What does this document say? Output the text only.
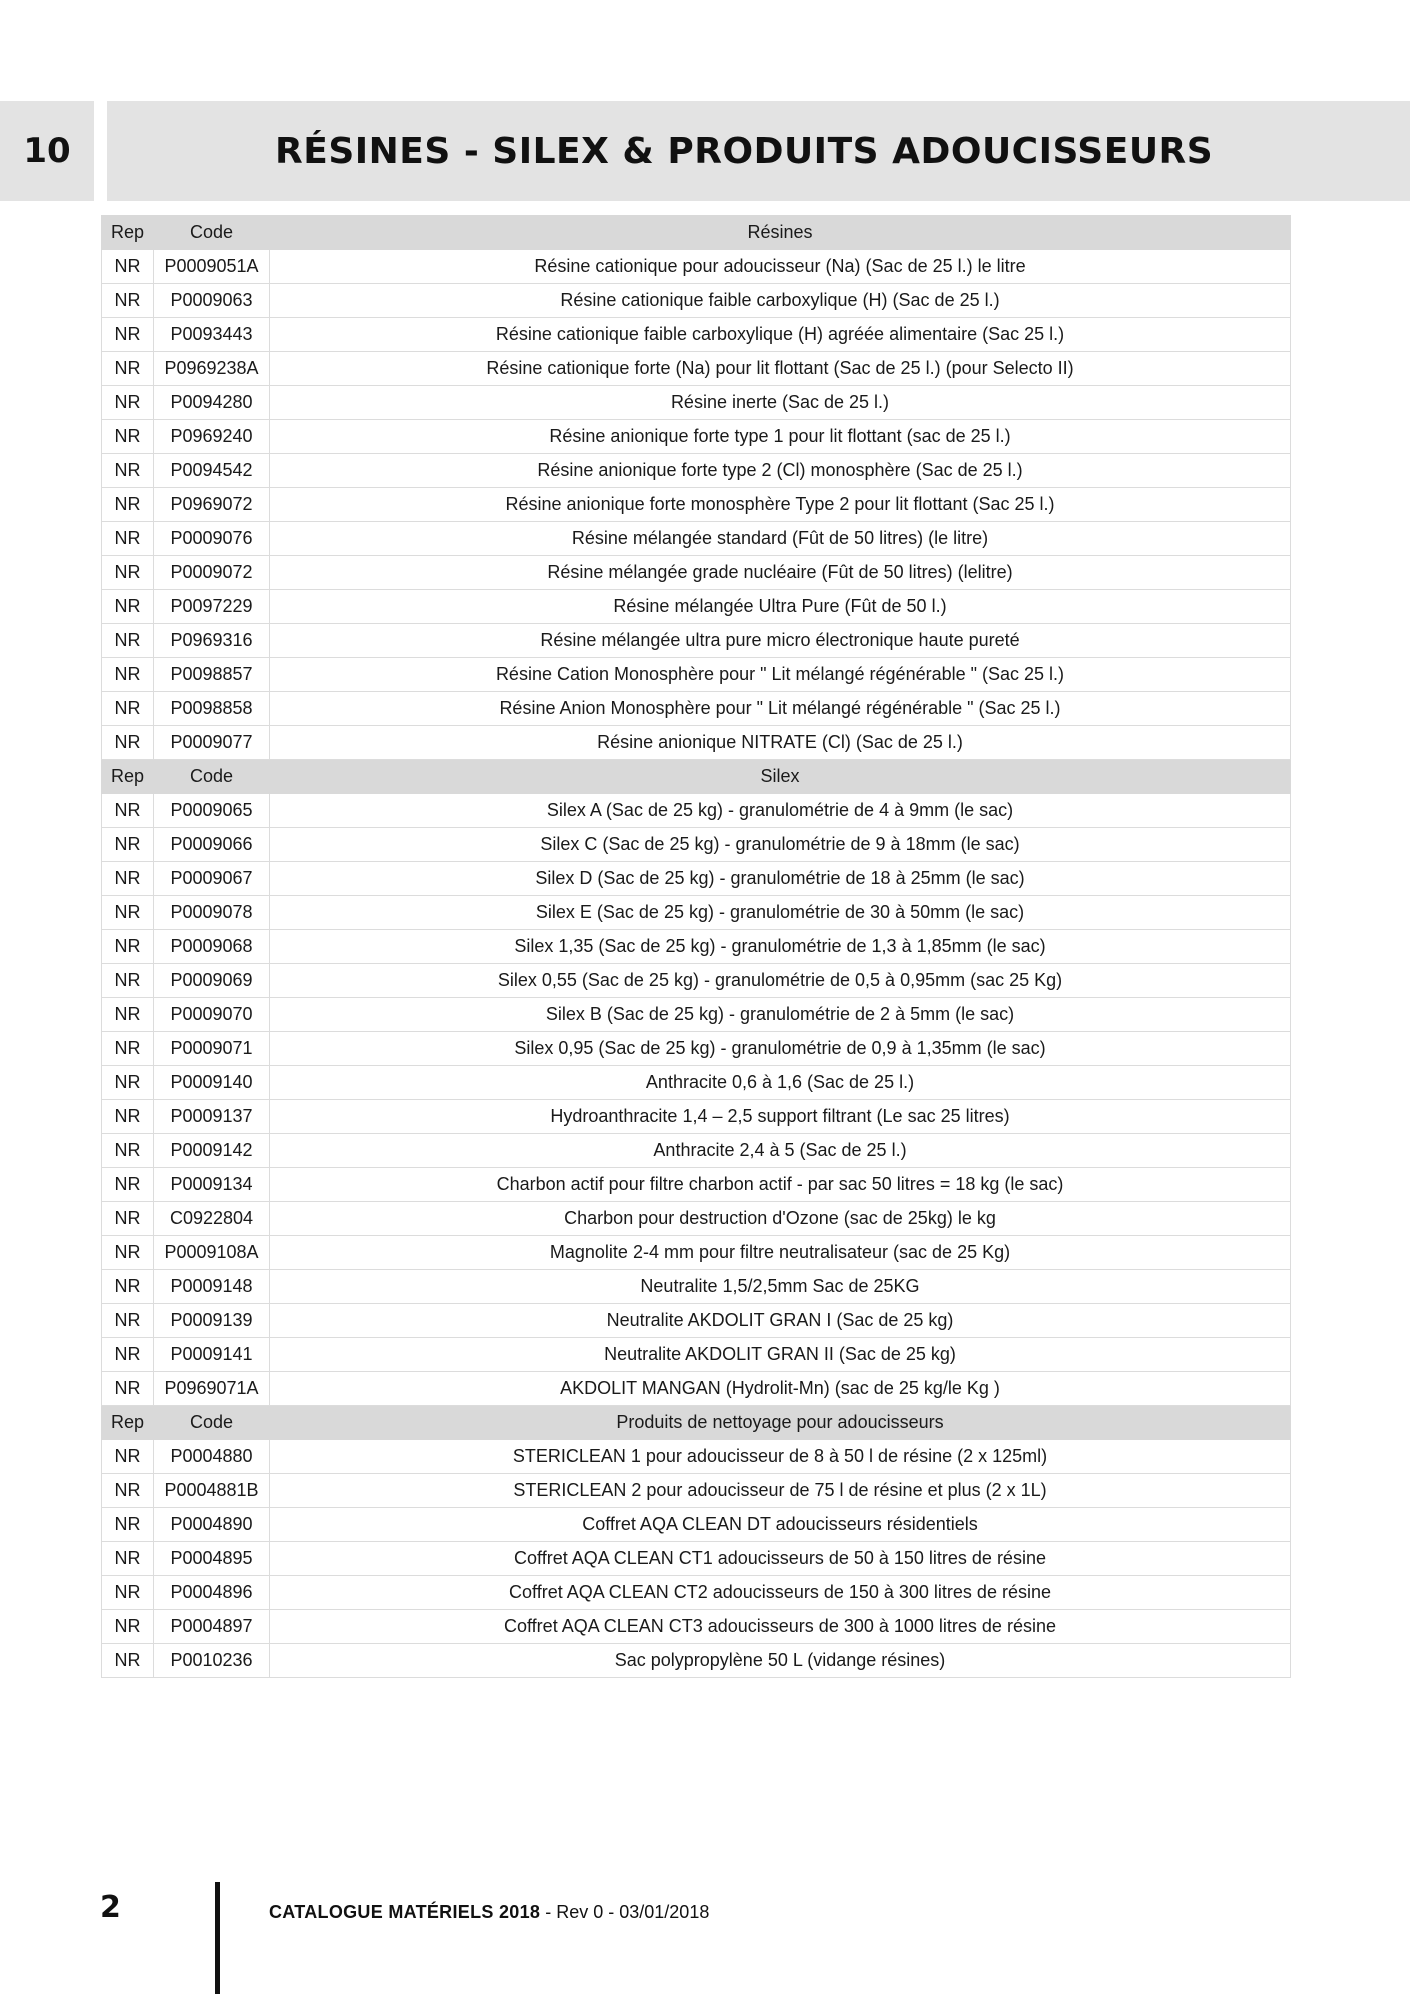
10	RÉSINES - SILEX & PRODUITS ADOUCISSEURS
Rep	Code	Résines
NR	P0009051A	Résine cationique pour adoucisseur (Na) (Sac de 25 l.) le litre
NR	P0009063	Résine cationique faible carboxylique (H) (Sac de 25 l.)
NR	P0093443	Résine cationique faible carboxylique (H) agréée alimentaire (Sac 25 l.)
NR	P0969238A	Résine cationique forte (Na) pour lit flottant (Sac de 25 l.) (pour Selecto II)
NR	P0094280	Résine inerte (Sac de 25 l.)
NR	P0969240	Résine anionique forte type 1 pour lit flottant (sac de 25 l.)
NR	P0094542	Résine anionique forte type 2 (Cl) monosphère (Sac de 25 l.)
NR	P0969072	Résine anionique forte monosphère Type 2 pour lit flottant (Sac 25 l.)
NR	P0009076	Résine mélangée standard (Fût de 50 litres) (le litre)
NR	P0009072	Résine mélangée grade nucléaire (Fût de 50 litres) (lelitre)
NR	P0097229	Résine mélangée Ultra Pure (Fût de 50 l.)
NR	P0969316	Résine mélangée ultra pure micro électronique haute pureté
NR	P0098857	Résine Cation Monosphère pour " Lit mélangé régénérable " (Sac 25 l.)
NR	P0098858	Résine Anion Monosphère pour " Lit mélangé régénérable " (Sac 25 l.)
NR	P0009077	Résine anionique NITRATE (Cl) (Sac de 25 l.)
Rep	Code	Silex
NR	P0009065	Silex A (Sac de 25 kg) - granulométrie de 4 à 9mm (le sac)
NR	P0009066	Silex C (Sac de 25 kg) - granulométrie de 9 à 18mm (le sac)
NR	P0009067	Silex D (Sac de 25 kg) - granulométrie de 18 à 25mm (le sac)
NR	P0009078	Silex E (Sac de 25 kg) - granulométrie de 30 à 50mm (le sac)
NR	P0009068	Silex 1,35 (Sac de 25 kg) - granulométrie de 1,3 à 1,85mm (le sac)
NR	P0009069	Silex 0,55 (Sac de 25 kg) - granulométrie de 0,5 à 0,95mm (sac 25 Kg)
NR	P0009070	Silex B (Sac de 25 kg) - granulométrie de 2 à 5mm (le sac)
NR	P0009071	Silex 0,95 (Sac de 25 kg) - granulométrie de 0,9 à 1,35mm (le sac)
NR	P0009140	Anthracite 0,6 à 1,6 (Sac de 25 l.)
NR	P0009137	Hydroanthracite 1,4 – 2,5 support filtrant (Le sac 25 litres)
NR	P0009142	Anthracite 2,4 à 5 (Sac de 25 l.)
NR	P0009134	Charbon actif pour filtre charbon actif - par sac 50 litres = 18 kg (le sac)
NR	C0922804	Charbon pour destruction d'Ozone (sac de 25kg) le kg
NR	P0009108A	Magnolite 2-4 mm pour filtre neutralisateur (sac de 25 Kg)
NR	P0009148	Neutralite 1,5/2,5mm Sac de 25KG
NR	P0009139	Neutralite AKDOLIT GRAN I (Sac de 25 kg)
NR	P0009141	Neutralite AKDOLIT GRAN II (Sac de 25 kg)
NR	P0969071A	AKDOLIT MANGAN (Hydrolit-Mn) (sac de 25 kg/le Kg )
Rep	Code	Produits de nettoyage pour adoucisseurs
NR	P0004880	STERICLEAN 1 pour adoucisseur de 8 à 50 l de résine (2 x 125ml)
NR	P0004881B	STERICLEAN 2 pour adoucisseur de 75 l de résine et plus (2 x 1L)
NR	P0004890	Coffret AQA CLEAN DT adoucisseurs résidentiels
NR	P0004895	Coffret AQA CLEAN CT1 adoucisseurs de 50 à 150 litres de résine
NR	P0004896	Coffret AQA CLEAN CT2 adoucisseurs de 150 à 300 litres de résine
NR	P0004897	Coffret AQA CLEAN CT3 adoucisseurs de 300 à 1000 litres de résine
NR	P0010236	Sac polypropylène 50 L (vidange résines)
2	CATALOGUE MATÉRIELS 2018 - Rev 0 - 03/01/2018
